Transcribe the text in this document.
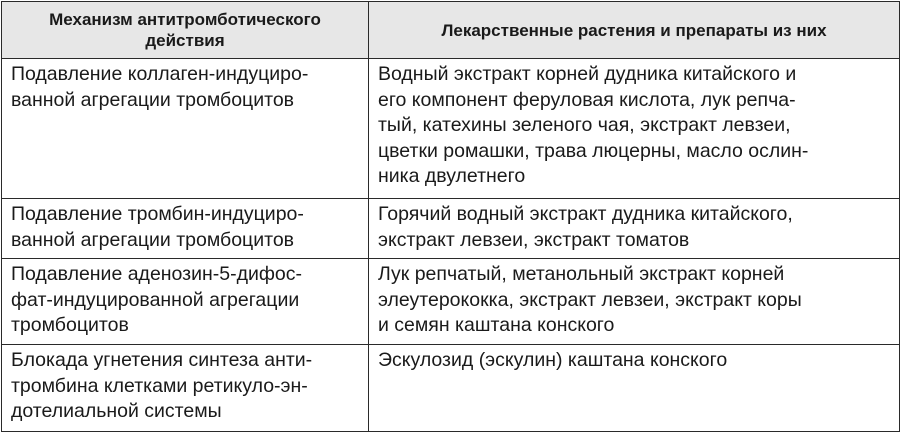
Механизм антитромботического
действия	Лекарственные растения и препараты из них

Подавление коллаген-индуциро-
ванной агрегации тромбоцитов	Водный экстракт корней дудника китайского и
его компонент феруловая кислота, лук репча-
тый, катехины зеленого чая, экстракт левзеи,
цветки ромашки, трава люцерны, масло ослин-
ника двулетнего

Подавление тромбин-индуциро-
ванной агрегации тромбоцитов	Горячий водный экстракт дудника китайского,
экстракт левзеи, экстракт томатов

Подавление аденозин-5-дифос-
фат-индуцированной агрегации
тромбоцитов	Лук репчатый, метанольный экстракт корней
элеутерококка, экстракт левзеи, экстракт коры
и семян каштана конского

Блокада угнетения синтеза анти-
тромбина клетками ретикуло-эн-
дотелиальной системы	Эскулозид (эскулин) каштана конского
